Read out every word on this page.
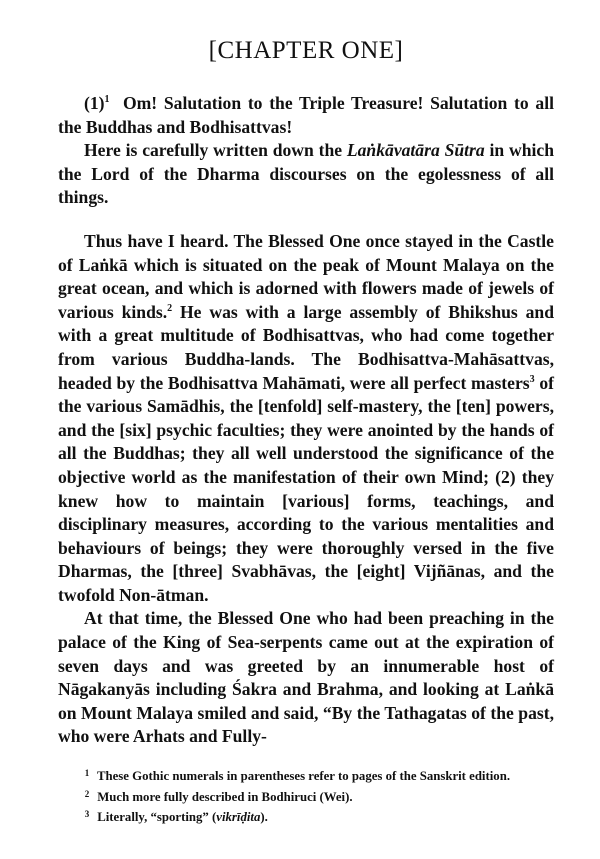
[CHAPTER ONE]

$(1)^1$ Om! Salutation to the Triple Treasure! Salutation to all the Buddhas and Bodhisattvas!

Here is carefully written down the Laṅkāvatāra Sūtra in which the Lord of the Dharma discourses on the egolessness of all things.

Thus have I heard. The Blessed One once stayed in the Castle of Laṅkā which is situated on the peak of Mount Malaya on the great ocean, and which is adorned with flowers made of jewels of various kinds.$^2$ He was with a large assembly of Bhikshus and with a great multitude of Bodhisattvas, who had come together from various Buddha-lands. The Bodhisattva-Mahāsattvas, headed by the Bodhisattva Mahāmati, were all perfect masters$^3$ of the various Samādhis, the [tenfold] self-mastery, the [ten] powers, and the [six] psychic faculties; they were anointed by the hands of all the Buddhas; they all well understood the significance of the objective world as the manifestation of their own Mind; (2) they knew how to maintain [various] forms, teachings, and disciplinary measures, according to the various mentalities and behaviours of beings; they were thoroughly versed in the five Dharmas, the [three] Svabhāvas, the [eight] Vijñānas, and the twofold Non-ātman.

At that time, the Blessed One who had been preaching in the palace of the King of Sea-serpents came out at the expiration of seven days and was greeted by an innumerable host of Nāgakanyās including Śakra and Brahma, and looking at Laṅkā on Mount Malaya smiled and said, “By the Tathagatas of the past, who were Arhats and Fully-

1 These Gothic numerals in parentheses refer to pages of the Sanskrit edition.

2 Much more fully described in Bodhiruci (Wei).

3 Literally, “sporting” (vikrīḍita).
